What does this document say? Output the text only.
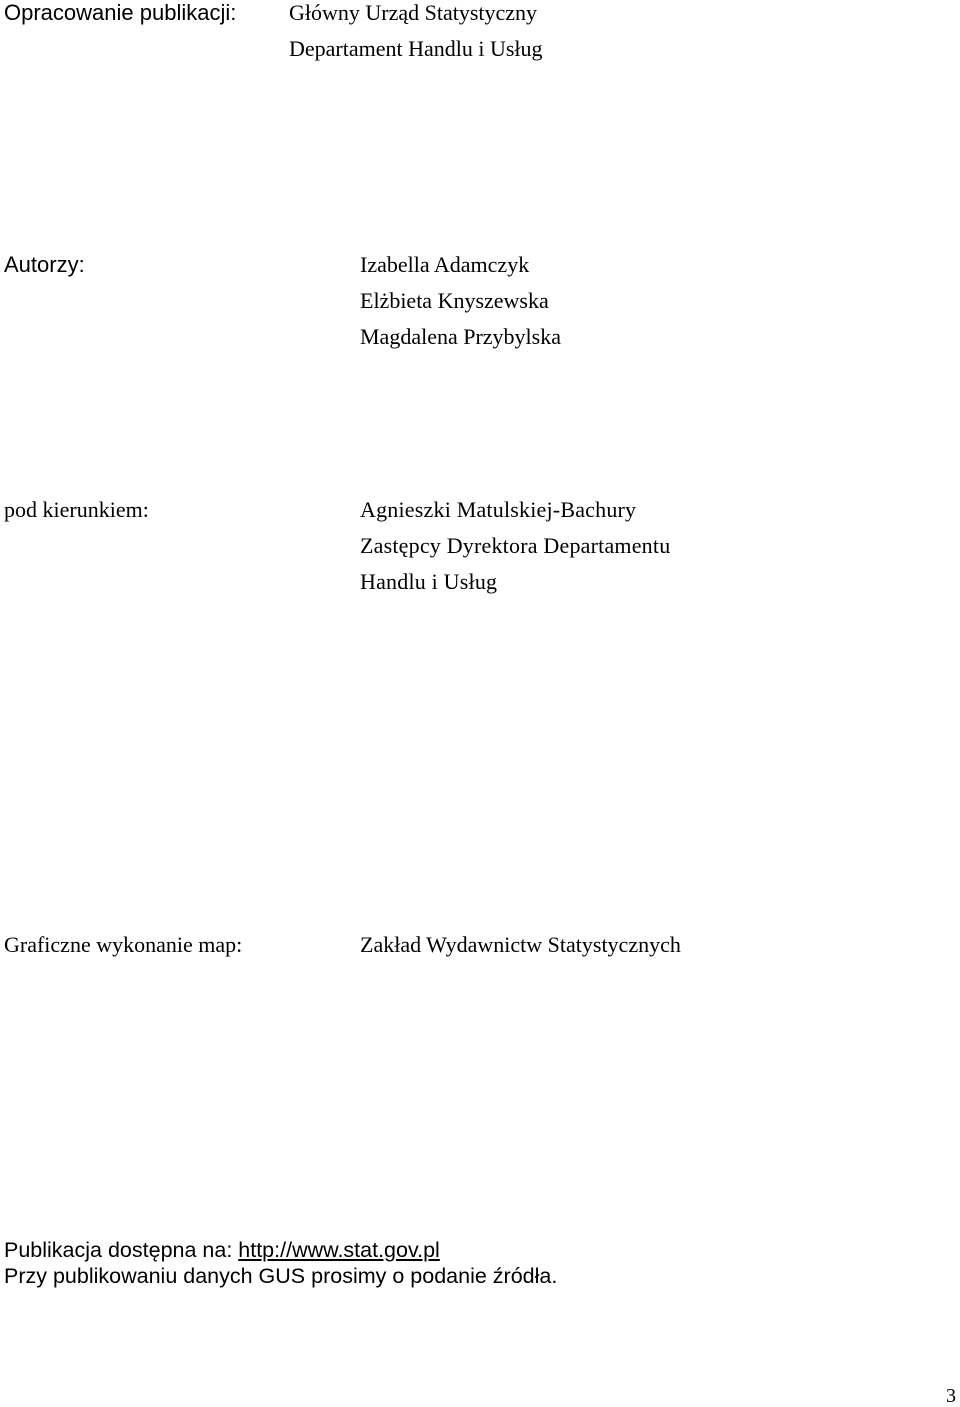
Opracowanie publikacji: Główny Urząd Statystyczny
Departament Handlu i Usług
Autorzy:	Izabella Adamczyk
Elżbieta Knyszewska
Magdalena Przybylska
pod kierunkiem:	Agnieszki Matulskiej-Bachury
Zastępcy Dyrektora Departamentu
Handlu i Usług
Graficzne wykonanie map:	Zakład Wydawnictw Statystycznych
Publikacja dostępna na: http://www.stat.gov.pl
Przy publikowaniu danych GUS prosimy o podanie źródła.
3
